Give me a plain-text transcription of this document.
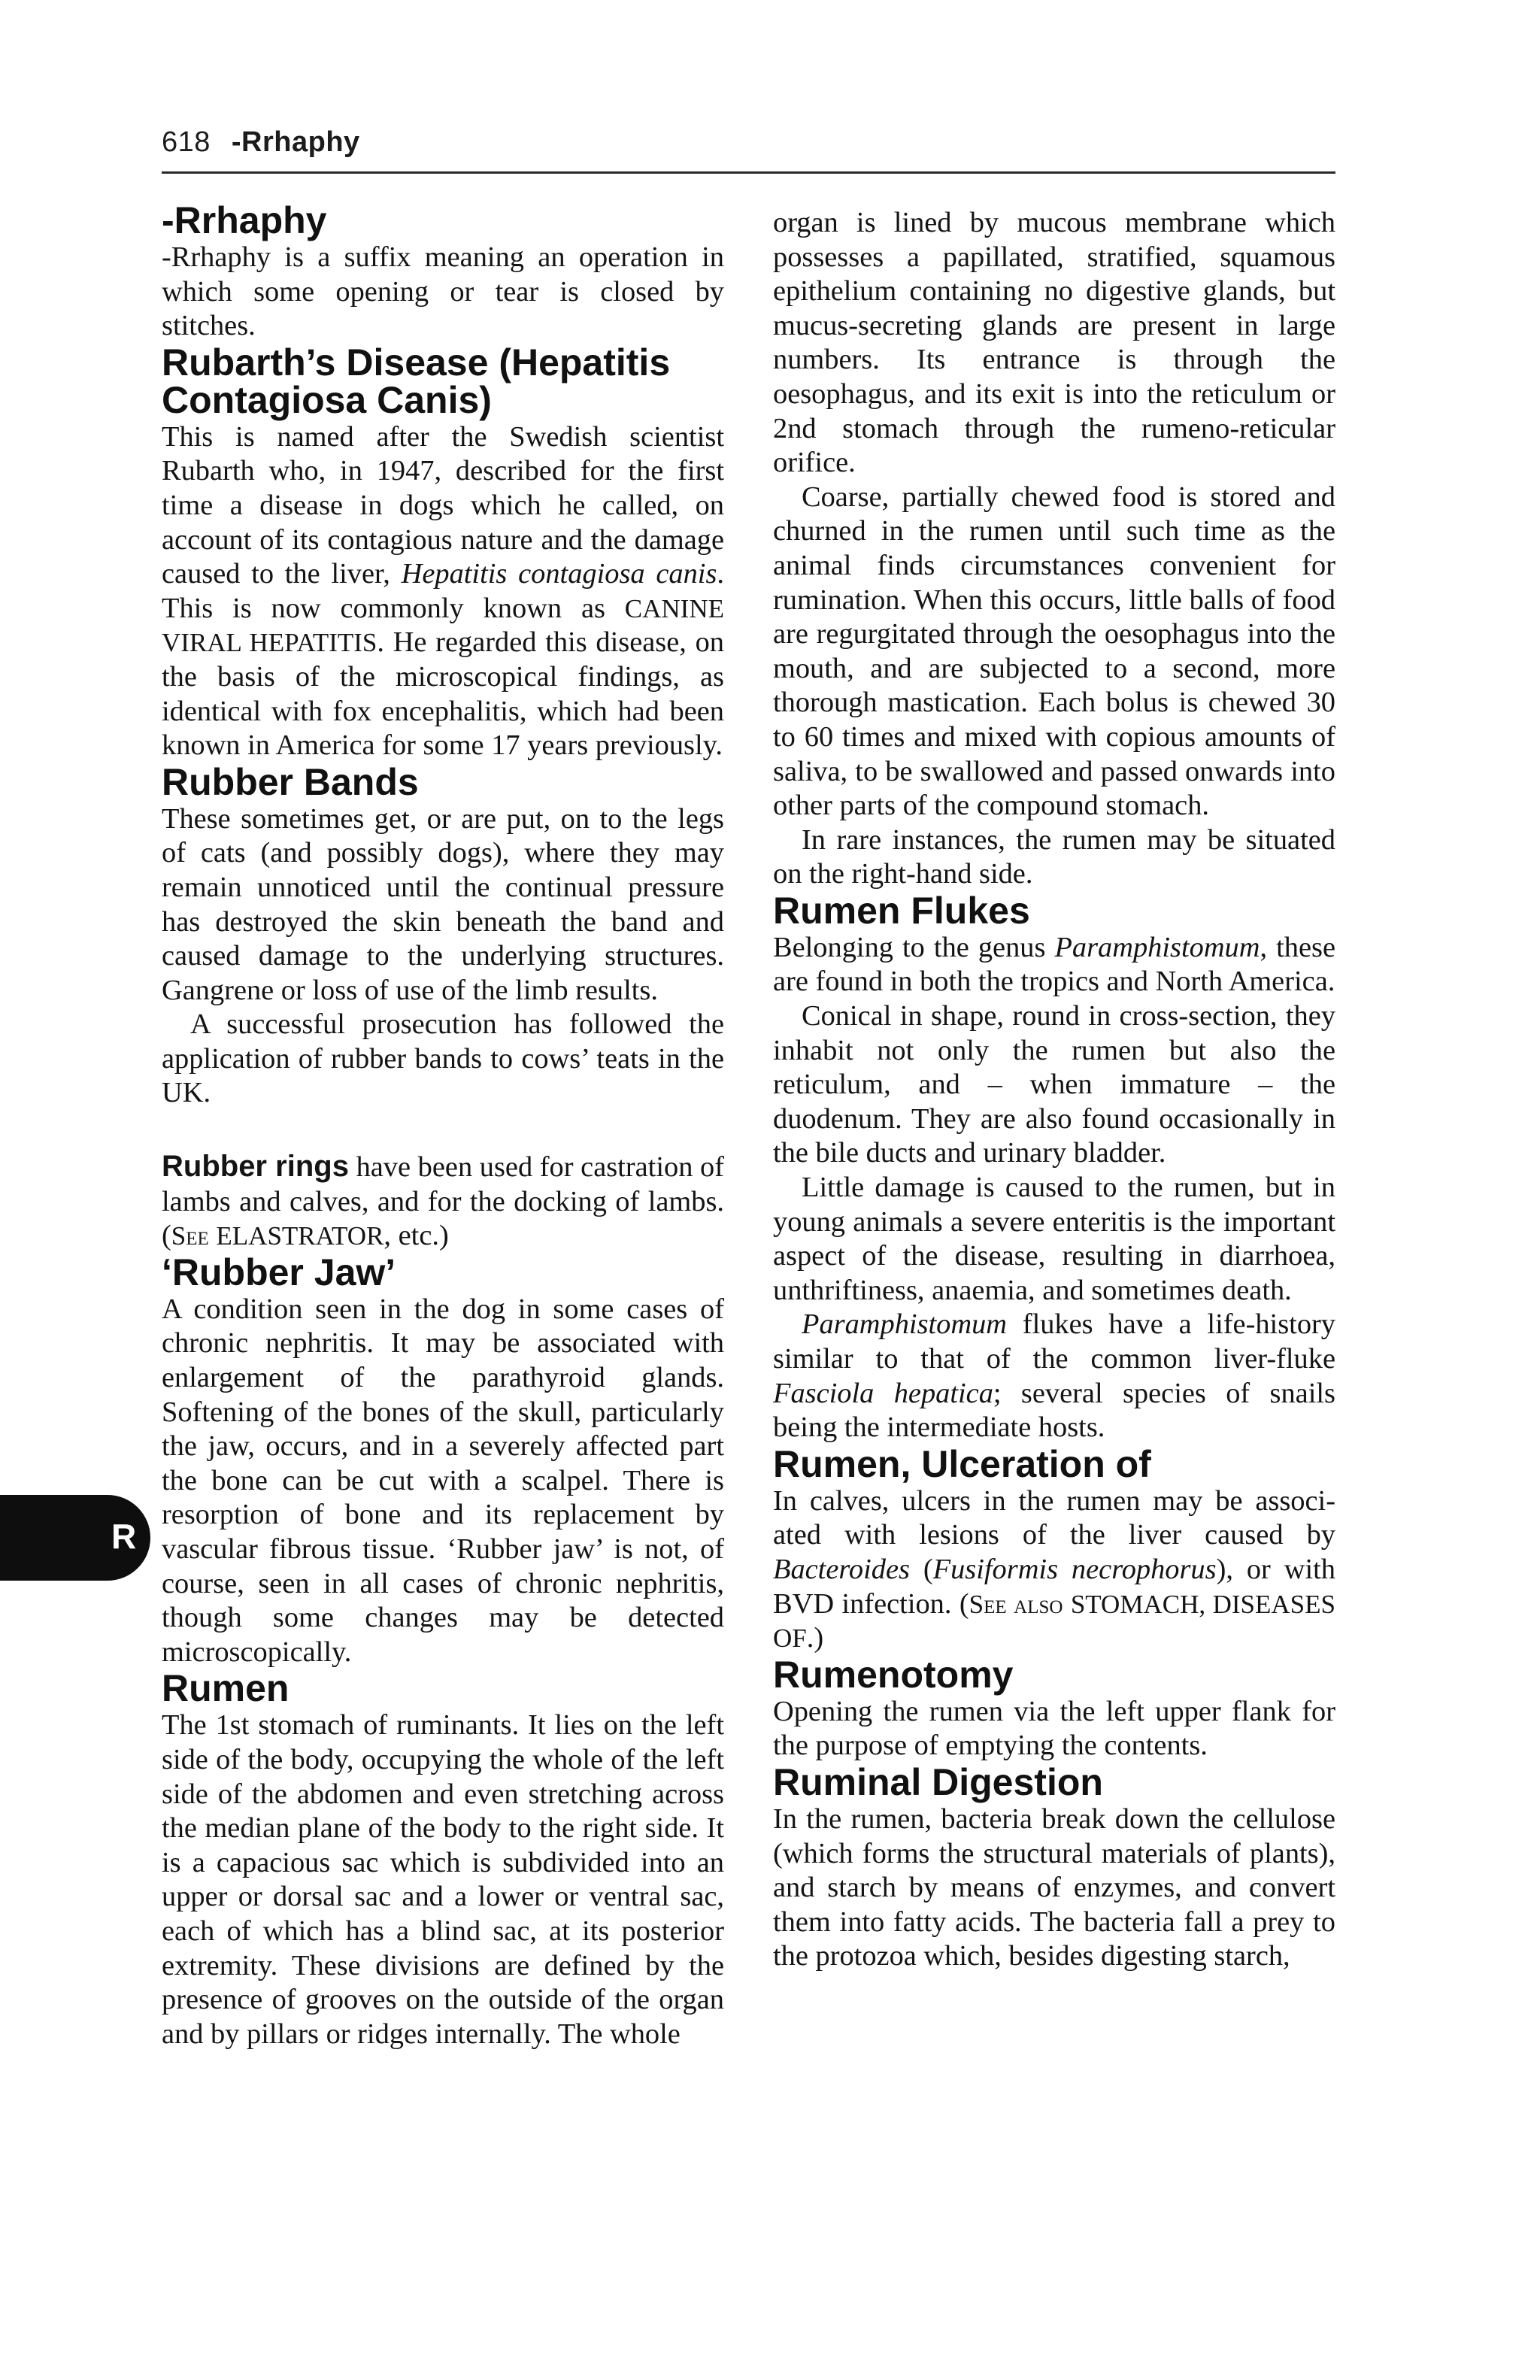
618 -Rrhaphy
R
-Rrhaphy

-Rrhaphy is a suffix meaning an operation in which some opening or tear is closed by stitches.

Rubarth’s Disease (Hepatitis Contagiosa Canis)

This is named after the Swedish scientist Rubarth who, in 1947, described for the first time a disease in dogs which he called, on account of its contagious nature and the damage caused to the liver, Hepatitis contagiosa canis. This is now commonly known as CANINE VIRAL HEPATITIS. He regarded this disease, on the basis of the microscopical findings, as identical with fox encephalitis, which had been known in America for some 17 years previously.

Rubber Bands

These sometimes get, or are put, on to the legs of cats (and possibly dogs), where they may remain unnoticed until the continual pressure has destroyed the skin beneath the band and caused damage to the underlying structures. Gangrene or loss of use of the limb results.

A successful prosecution has followed the application of rubber bands to cows’ teats in the UK.

Rubber rings have been used for castration of lambs and calves, and for the docking of lambs. (See ELASTRATOR, etc.)

‘Rubber Jaw’

A condition seen in the dog in some cases of chronic nephritis. It may be associated with enlargement of the parathyroid glands. Softening of the bones of the skull, particularly the jaw, occurs, and in a severely affected part the bone can be cut with a scalpel. There is resorption of bone and its replacement by vascular fibrous tissue. ‘Rubber jaw’ is not, of course, seen in all cases of chronic nephritis, though some changes may be detected microscopically.

Rumen

The 1st stomach of ruminants. It lies on the left side of the body, occupying the whole of the left side of the abdomen and even stretching across the median plane of the body to the right side. It is a capacious sac which is subdivided into an upper or dorsal sac and a lower or ventral sac, each of which has a blind sac, at its posterior extremity. These divisions are defined by the presence of grooves on the outside of the organ and by pillars or ridges internally. The whole

organ is lined by mucous membrane which possesses a papillated, stratified, squamous epithelium containing no digestive glands, but mucus-secreting glands are present in large numbers. Its entrance is through the oesophagus, and its exit is into the reticulum or 2nd stomach through the rumeno-reticular orifice.

Coarse, partially chewed food is stored and churned in the rumen until such time as the animal finds circumstances convenient for rumination. When this occurs, little balls of food are regurgitated through the oesophagus into the mouth, and are subjected to a second, more thorough mastication. Each bolus is chewed 30 to 60 times and mixed with copious amounts of saliva, to be swallowed and passed onwards into other parts of the compound stomach.

In rare instances, the rumen may be situated on the right-hand side.

Rumen Flukes

Belonging to the genus Paramphistomum, these are found in both the tropics and North America.

Conical in shape, round in cross-section, they inhabit not only the rumen but also the reticulum, and – when immature – the duodenum. They are also found occasionally in the bile ducts and urinary bladder.

Little damage is caused to the rumen, but in young animals a severe enteritis is the important aspect of the disease, resulting in diarrhoea, unthriftiness, anaemia, and sometimes death.

Paramphistomum flukes have a life-history similar to that of the common liver-fluke Fasciola hepatica; several species of snails being the intermediate hosts.

Rumen, Ulceration of

In calves, ulcers in the rumen may be associ-ated with lesions of the liver caused by Bacteroides (Fusiformis necrophorus), or with BVD infection. (See also STOMACH, DISEASES OF.)

Rumenotomy

Opening the rumen via the left upper flank for the purpose of emptying the contents.

Ruminal Digestion

In the rumen, bacteria break down the cellulose (which forms the structural materials of plants), and starch by means of enzymes, and convert them into fatty acids. The bacteria fall a prey to the protozoa which, besides digesting starch,
